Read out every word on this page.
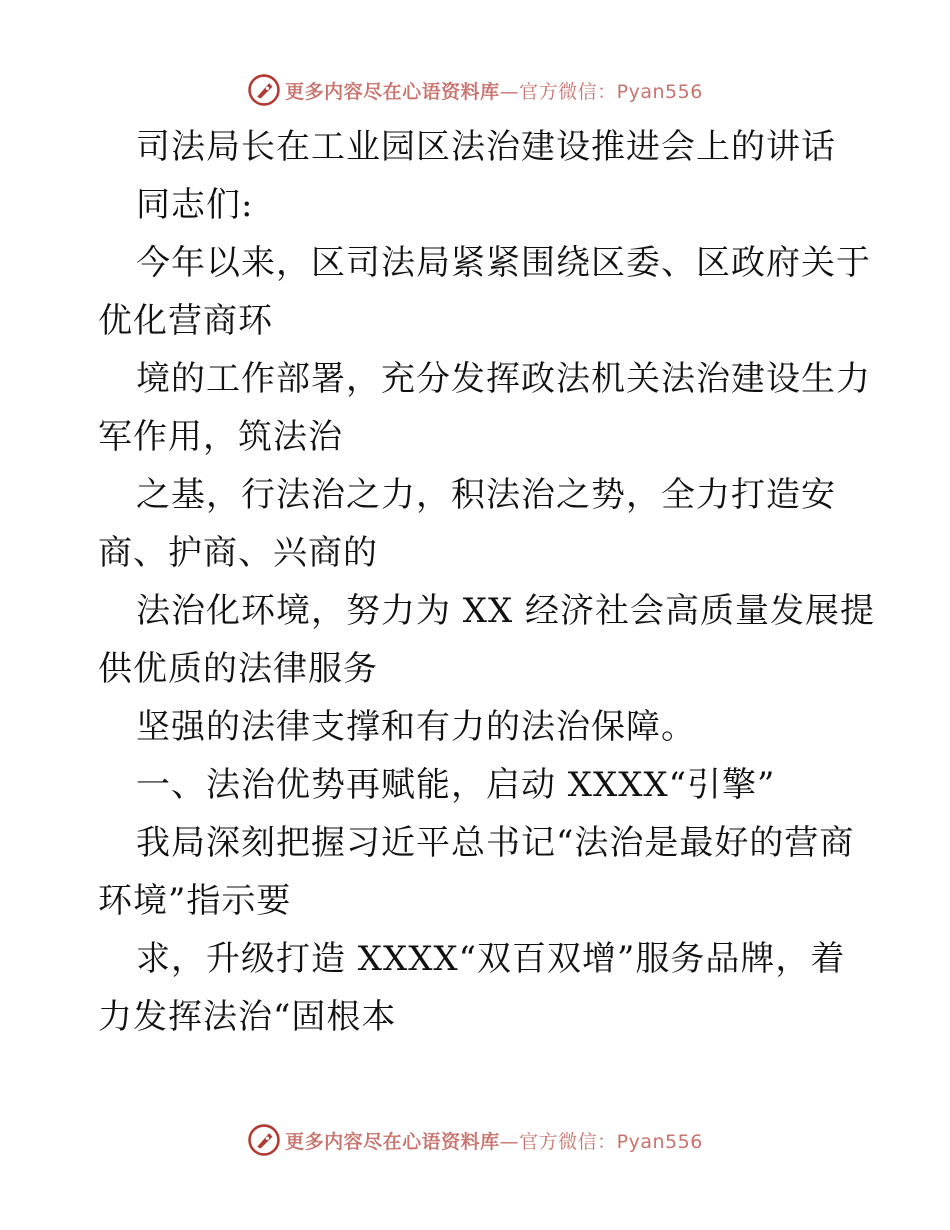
更多内容尽在心语资料库—官方微信：Pyan556
司法局长在工业园区法治建设推进会上的讲话
同志们:
今年以来，区司法局紧紧围绕区委、区政府关于
优化营商环
境的工作部署，充分发挥政法机关法治建设生力
军作用，筑法治
之基，行法治之力，积法治之势，全力打造安
商、护商、兴商的
法治化环境，努力为 XX 经济社会高质量发展提
供优质的法律服务
坚强的法律支撑和有力的法治保障。
一、法治优势再赋能，启动 XXXX“引擎”
我局深刻把握习近平总书记“法治是最好的营商
环境”指示要
求，升级打造 XXXX“双百双增”服务品牌，着
力发挥法治“固根本
更多内容尽在心语资料库—官方微信：Pyan556
